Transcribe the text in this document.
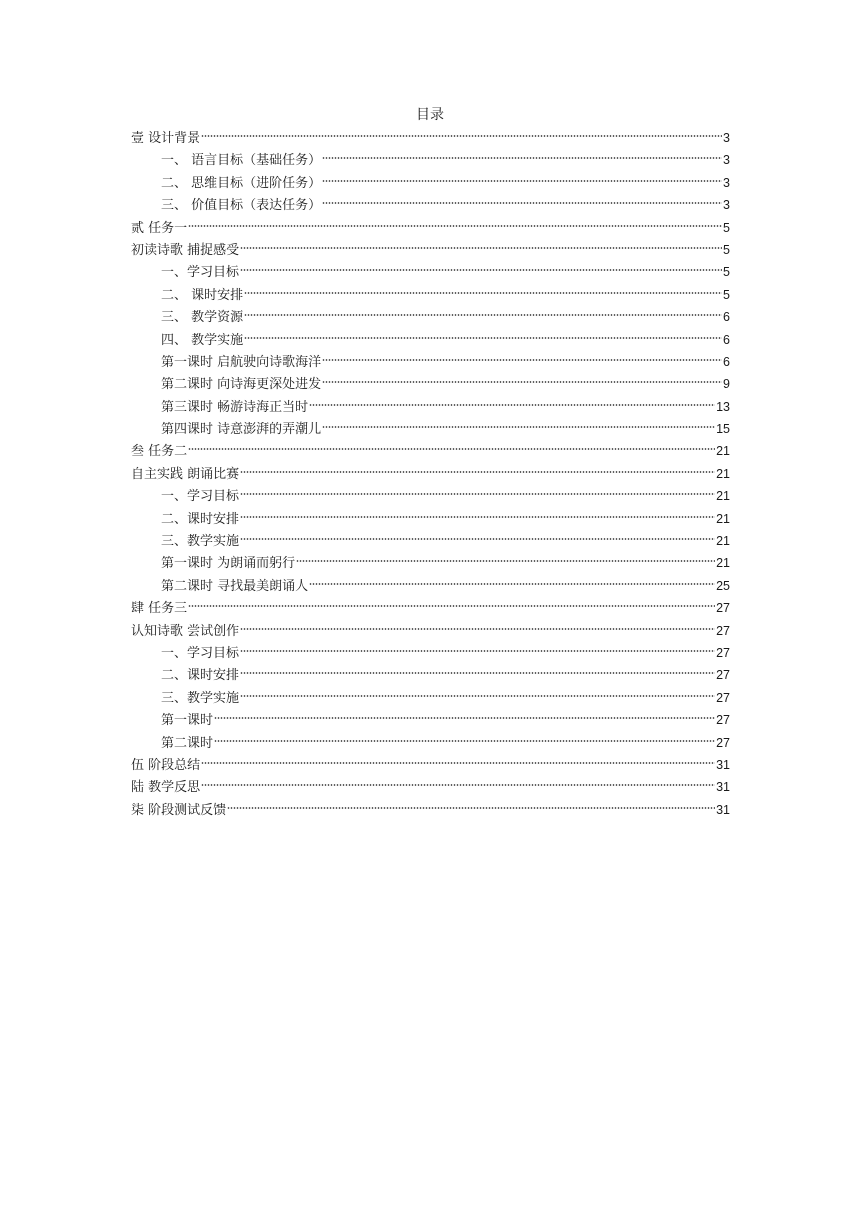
目录
壹 设计背景	3
一、 语言目标（基础任务）	3
二、 思维目标（进阶任务）	3
三、 价值目标（表达任务）	3
贰 任务一	5
初读诗歌 捕捉感受	5
一、学习目标	5
二、 课时安排	5
三、 教学资源	6
四、 教学实施	6
第一课时 启航驶向诗歌海洋	6
第二课时 向诗海更深处进发	9
第三课时 畅游诗海正当时	13
第四课时 诗意澎湃的弄潮儿	15
叁 任务二	21
自主实践 朗诵比赛	21
一、学习目标	21
二、课时安排	21
三、教学实施	21
第一课时 为朗诵而躬行	21
第二课时 寻找最美朗诵人	25
肆 任务三	27
认知诗歌 尝试创作	27
一、学习目标	27
二、课时安排	27
三、教学实施	27
第一课时	27
第二课时	27
伍 阶段总结	31
陆 教学反思	31
柒 阶段测试反馈	31
